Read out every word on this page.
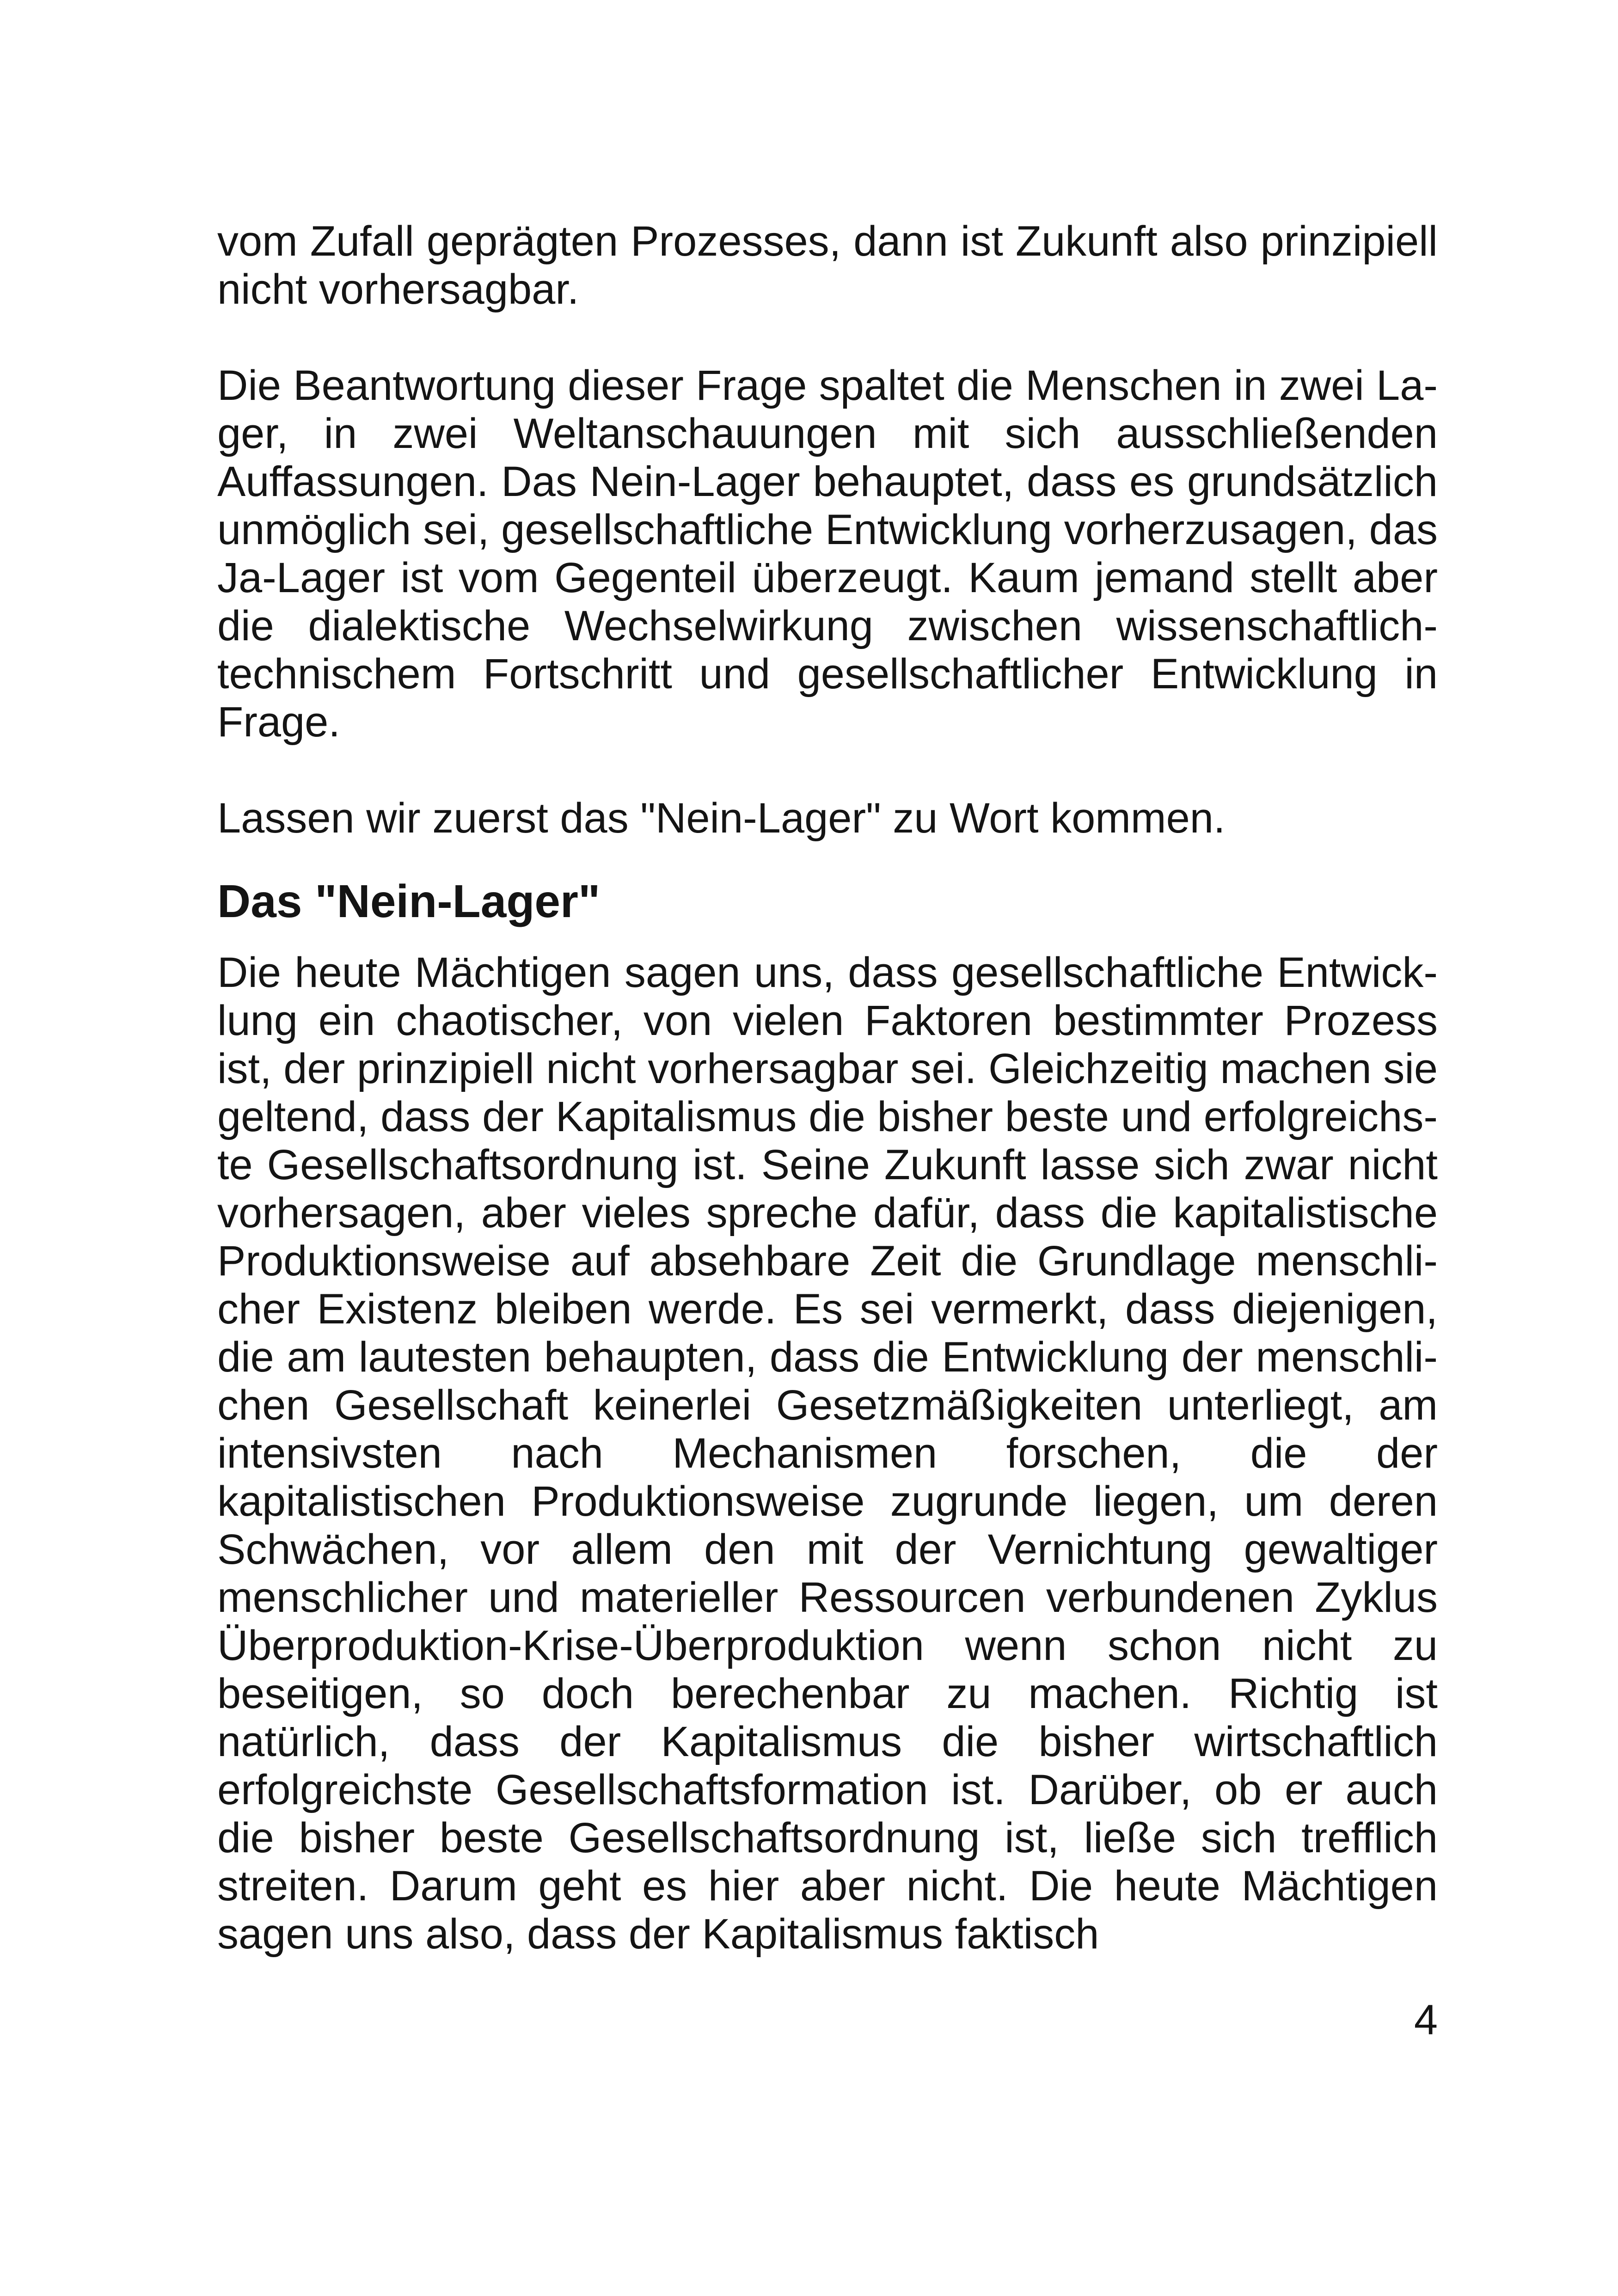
vom Zufall geprägten Prozesses, dann ist Zukunft also prinzipiell nicht vorhersagbar.

Die Beantwortung dieser Frage spaltet die Menschen in zwei Lager, in zwei Weltanschauungen mit sich ausschließenden Auffassungen. Das Nein-Lager behauptet, dass es grundsätzlich unmöglich sei, gesellschaftliche Entwicklung vorherzusagen, das Ja-Lager ist vom Gegenteil überzeugt. Kaum jemand stellt aber die dialektische Wechselwirkung zwischen wissenschaftlich-technischem Fortschritt und gesellschaftlicher Entwicklung in Frage.

Lassen wir zuerst das "Nein-Lager" zu Wort kommen.

Das "Nein-Lager"

Die heute Mächtigen sagen uns, dass gesellschaftliche Entwicklung ein chaotischer, von vielen Faktoren bestimmter Prozess ist, der prinzipiell nicht vorhersagbar sei. Gleichzeitig machen sie geltend, dass der Kapitalismus die bisher beste und erfolgreichste Gesellschaftsordnung ist. Seine Zukunft lasse sich zwar nicht vorhersagen, aber vieles spreche dafür, dass die kapitalistische Produktionsweise auf absehbare Zeit die Grundlage menschlicher Existenz bleiben werde. Es sei vermerkt, dass diejenigen, die am lautesten behaupten, dass die Entwicklung der menschlichen Gesellschaft keinerlei Gesetzmäßigkeiten unterliegt, am intensivsten nach Mechanismen forschen, die der kapitalistischen Produktionsweise zugrunde liegen, um deren Schwächen, vor allem den mit der Vernichtung gewaltiger menschlicher und materieller Ressourcen verbundenen Zyklus Überproduktion-Krise-Überproduktion wenn schon nicht zu beseitigen, so doch berechenbar zu machen. Richtig ist natürlich, dass der Kapitalismus die bisher wirtschaftlich erfolgreichste Gesellschaftsformation ist. Darüber, ob er auch die bisher beste Gesellschaftsordnung ist, ließe sich trefflich streiten. Darum geht es hier aber nicht. Die heute Mächtigen sagen uns also, dass der Kapitalismus faktisch

4
